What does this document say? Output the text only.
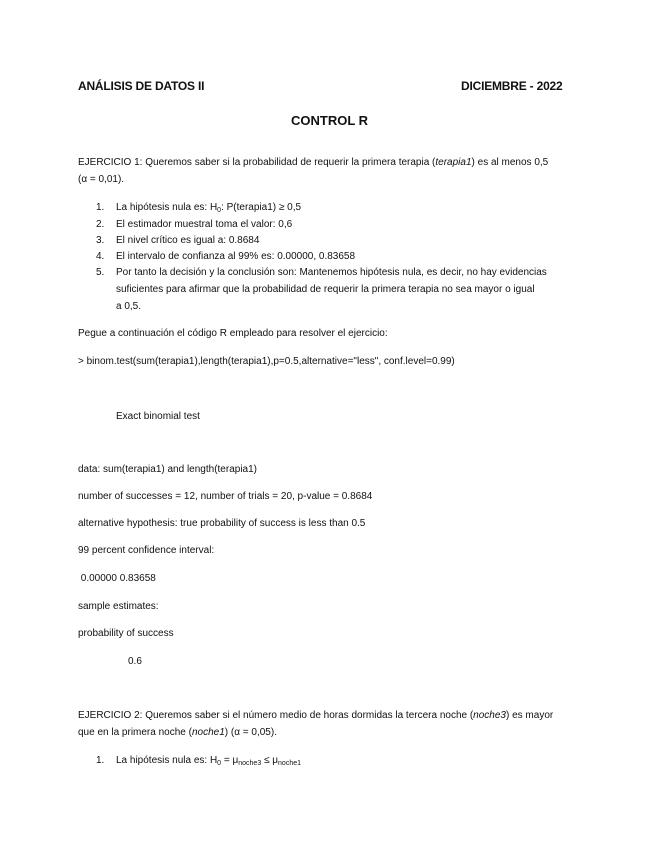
ANÁLISIS DE DATOS II	DICIEMBRE - 2022
CONTROL R
EJERCICIO 1: Queremos saber si la probabilidad de requerir la primera terapia (terapia1) es al menos 0,5
(α = 0,01).
1. La hipótesis nula es: $H_0$: P(terapia1) ≥ 0,5
2. El estimador muestral toma el valor: 0,6
3. El nivel crítico es igual a: 0.8684
4. El intervalo de confianza al 99% es: 0.00000, 0.83658
5. Por tanto la decisión y la conclusión son: Mantenemos hipótesis nula, es decir, no hay evidencias
suficientes para afirmar que la probabilidad de requerir la primera terapia no sea mayor o igual
a 0,5.
Pegue a continuación el código R empleado para resolver el ejercicio:
> binom.test(sum(terapia1),length(terapia1),p=0.5,alternative="less", conf.level=0.99)
Exact binomial test
data: sum(terapia1) and length(terapia1)
number of successes = 12, number of trials = 20, p-value = 0.8684
alternative hypothesis: true probability of success is less than 0.5
99 percent confidence interval:
0.00000 0.83658
sample estimates:
probability of success
0.6
EJERCICIO 2: Queremos saber si el número medio de horas dormidas la tercera noche (noche3) es mayor
que en la primera noche (noche1) (α = 0,05).
1. La hipótesis nula es: $H_0 = \mu_{noche3} \le \mu_{noche1}$
